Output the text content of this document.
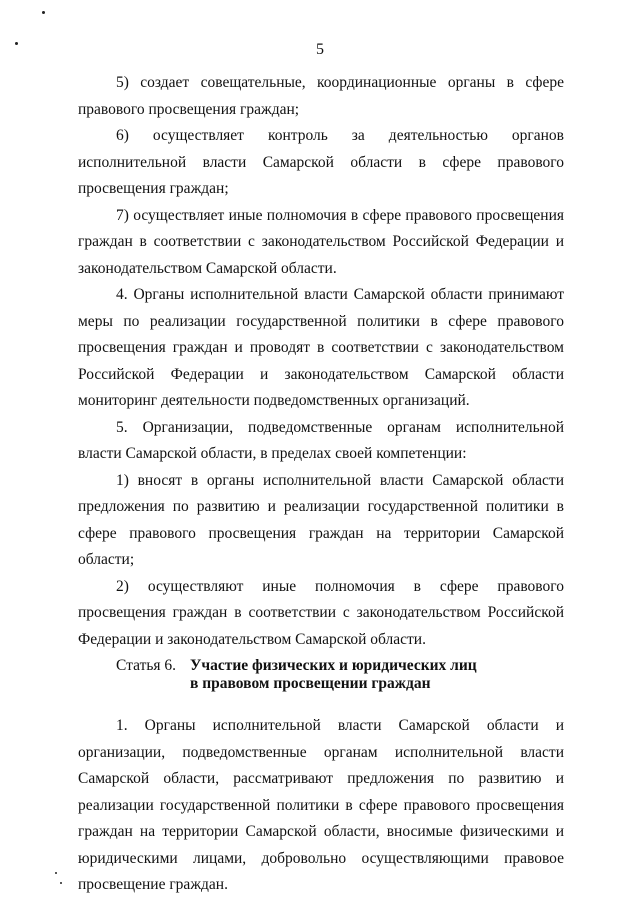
5

5) создает совещательные, координационные органы в сфере правового просвещения граждан;

6) осуществляет контроль за деятельностью органов исполнительной власти Самарской области в сфере правового просвещения граждан;

7) осуществляет иные полномочия в сфере правового просвещения граждан в соответствии с законодательством Российской Федерации и законодательством Самарской области.

4. Органы исполнительной власти Самарской области принимают меры по реализации государственной политики в сфере правового просвещения граждан и проводят в соответствии с законодательством Российской Федерации и законодательством Самарской области мониторинг деятельности подведомственных организаций.

5. Организации, подведомственные органам исполнительной власти Самарской области, в пределах своей компетенции:

1) вносят в органы исполнительной власти Самарской области предложения по развитию и реализации государственной политики в сфере правового просвещения граждан на территории Самарской области;

2) осуществляют иные полномочия в сфере правового просвещения граждан в соответствии с законодательством Российской Федерации и законодательством Самарской области.

Статья 6. Участие физических и юридических лиц
в правовом просвещении граждан

1. Органы исполнительной власти Самарской области и организации, подведомственные органам исполнительной власти Самарской области, рассматривают предложения по развитию и реализации государственной политики в сфере правового просвещения граждан на территории Самарской области, вносимые физическими и юридическими лицами, добровольно осуществляющими правовое просвещение граждан.
